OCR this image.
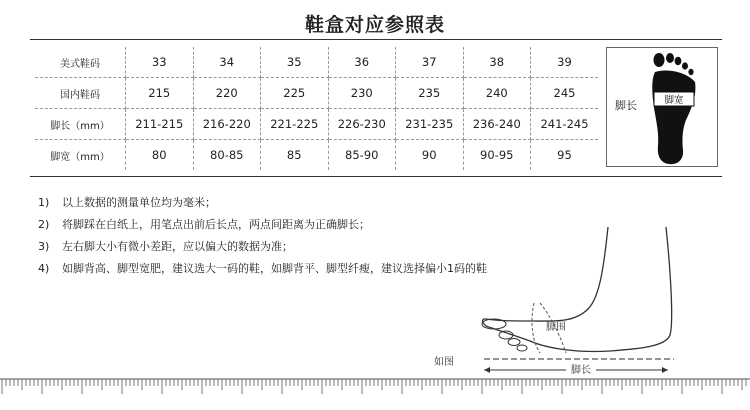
鞋盒对应参照表
美式鞋码	33	34	35	36	37	38	39
国内鞋码	215	220	225	230	235	240	245
脚长（mm）	211-215	216-220	221-225	226-230	231-235	236-240	241-245
脚宽（mm）	80	80-85	85	85-90	90	90-95	95
脚长	脚宽
1)	以上数据的测量单位均为毫米；
2)	将脚踩在白纸上，用笔点出前后长点，两点间距离为正确脚长；
3)	左右脚大小有微小差距，应以偏大的数据为准；
4)	如脚背高、脚型宽肥，建议选大一码的鞋，如脚背平、脚型纤瘦，建议选择偏小1码的鞋
脚围
如图
脚长
